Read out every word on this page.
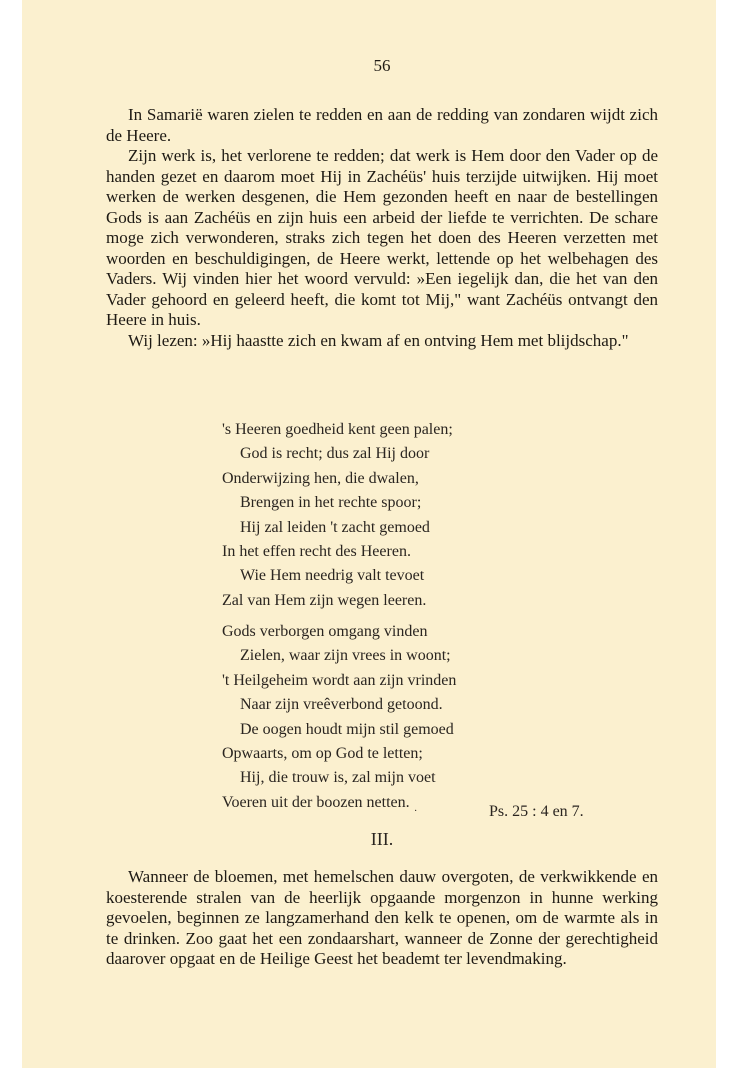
56

In Samarië waren zielen te redden en aan de redding van zondaren wijdt zich de Heere.

Zijn werk is, het verlorene te redden; dat werk is Hem door den Vader op de handen gezet en daarom moet Hij in Zachéüs' huis terzijde uitwijken. Hij moet werken de werken desgenen, die Hem gezonden heeft en naar de bestellingen Gods is aan Zachéüs en zijn huis een arbeid der liefde te verrichten. De schare moge zich verwonderen, straks zich tegen het doen des Heeren verzetten met woorden en beschuldigingen, de Heere werkt, lettende op het welbehagen des Vaders. Wij vinden hier het woord vervuld: »Een iegelijk dan, die het van den Vader gehoord en geleerd heeft, die komt tot Mij," want Zachéüs ontvangt den Heere in huis.

Wij lezen: »Hij haastte zich en kwam af en ontving Hem met blijdschap."

's Heeren goedheid kent geen palen;
God is recht; dus zal Hij door
Onderwijzing hen, die dwalen,
Brengen in het rechte spoor;
Hij zal leiden 't zacht gemoed
In het effen recht des Heeren.
Wie Hem needrig valt tevoet
Zal van Hem zijn wegen leeren.
Gods verborgen omgang vinden
Zielen, waar zijn vrees in woont;
't Heilgeheim wordt aan zijn vrinden
Naar zijn vreêverbond getoond.
De oogen houdt mijn stil gemoed
Opwaarts, om op God te letten;
Hij, die trouw is, zal mijn voet
Voeren uit der boozen netten.
·	Ps. 25 : 4 en 7.
III.

Wanneer de bloemen, met hemelschen dauw overgoten, de verkwikkende en koesterende stralen van de heerlijk opgaande morgenzon in hunne werking gevoelen, beginnen ze langzamerhand den kelk te openen, om de warmte als in te drinken. Zoo gaat het een zondaarshart, wanneer de Zonne der gerechtigheid daarover opgaat en de Heilige Geest het beademt ter levendmaking.
